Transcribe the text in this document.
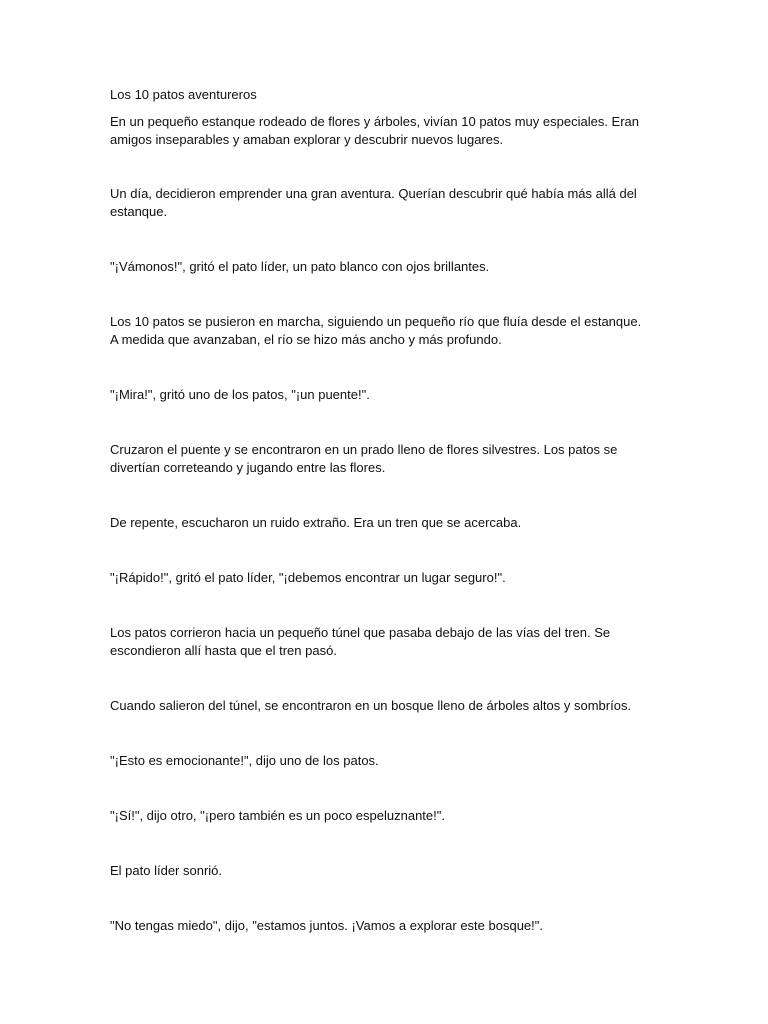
Los 10 patos aventureros

En un pequeño estanque rodeado de flores y árboles, vivían 10 patos muy especiales. Eran amigos inseparables y amaban explorar y descubrir nuevos lugares.

Un día, decidieron emprender una gran aventura. Querían descubrir qué había más allá del estanque.

"¡Vámonos!", gritó el pato líder, un pato blanco con ojos brillantes.

Los 10 patos se pusieron en marcha, siguiendo un pequeño río que fluía desde el estanque. A medida que avanzaban, el río se hizo más ancho y más profundo.

"¡Mira!", gritó uno de los patos, "¡un puente!".

Cruzaron el puente y se encontraron en un prado lleno de flores silvestres. Los patos se divertían correteando y jugando entre las flores.

De repente, escucharon un ruido extraño. Era un tren que se acercaba.

"¡Rápido!", gritó el pato líder, "¡debemos encontrar un lugar seguro!".

Los patos corrieron hacia un pequeño túnel que pasaba debajo de las vías del tren. Se escondieron allí hasta que el tren pasó.

Cuando salieron del túnel, se encontraron en un bosque lleno de árboles altos y sombríos.

"¡Esto es emocionante!", dijo uno de los patos.

"¡Sí!", dijo otro, "¡pero también es un poco espeluznante!".

El pato líder sonrió.

"No tengas miedo", dijo, "estamos juntos. ¡Vamos a explorar este bosque!".
